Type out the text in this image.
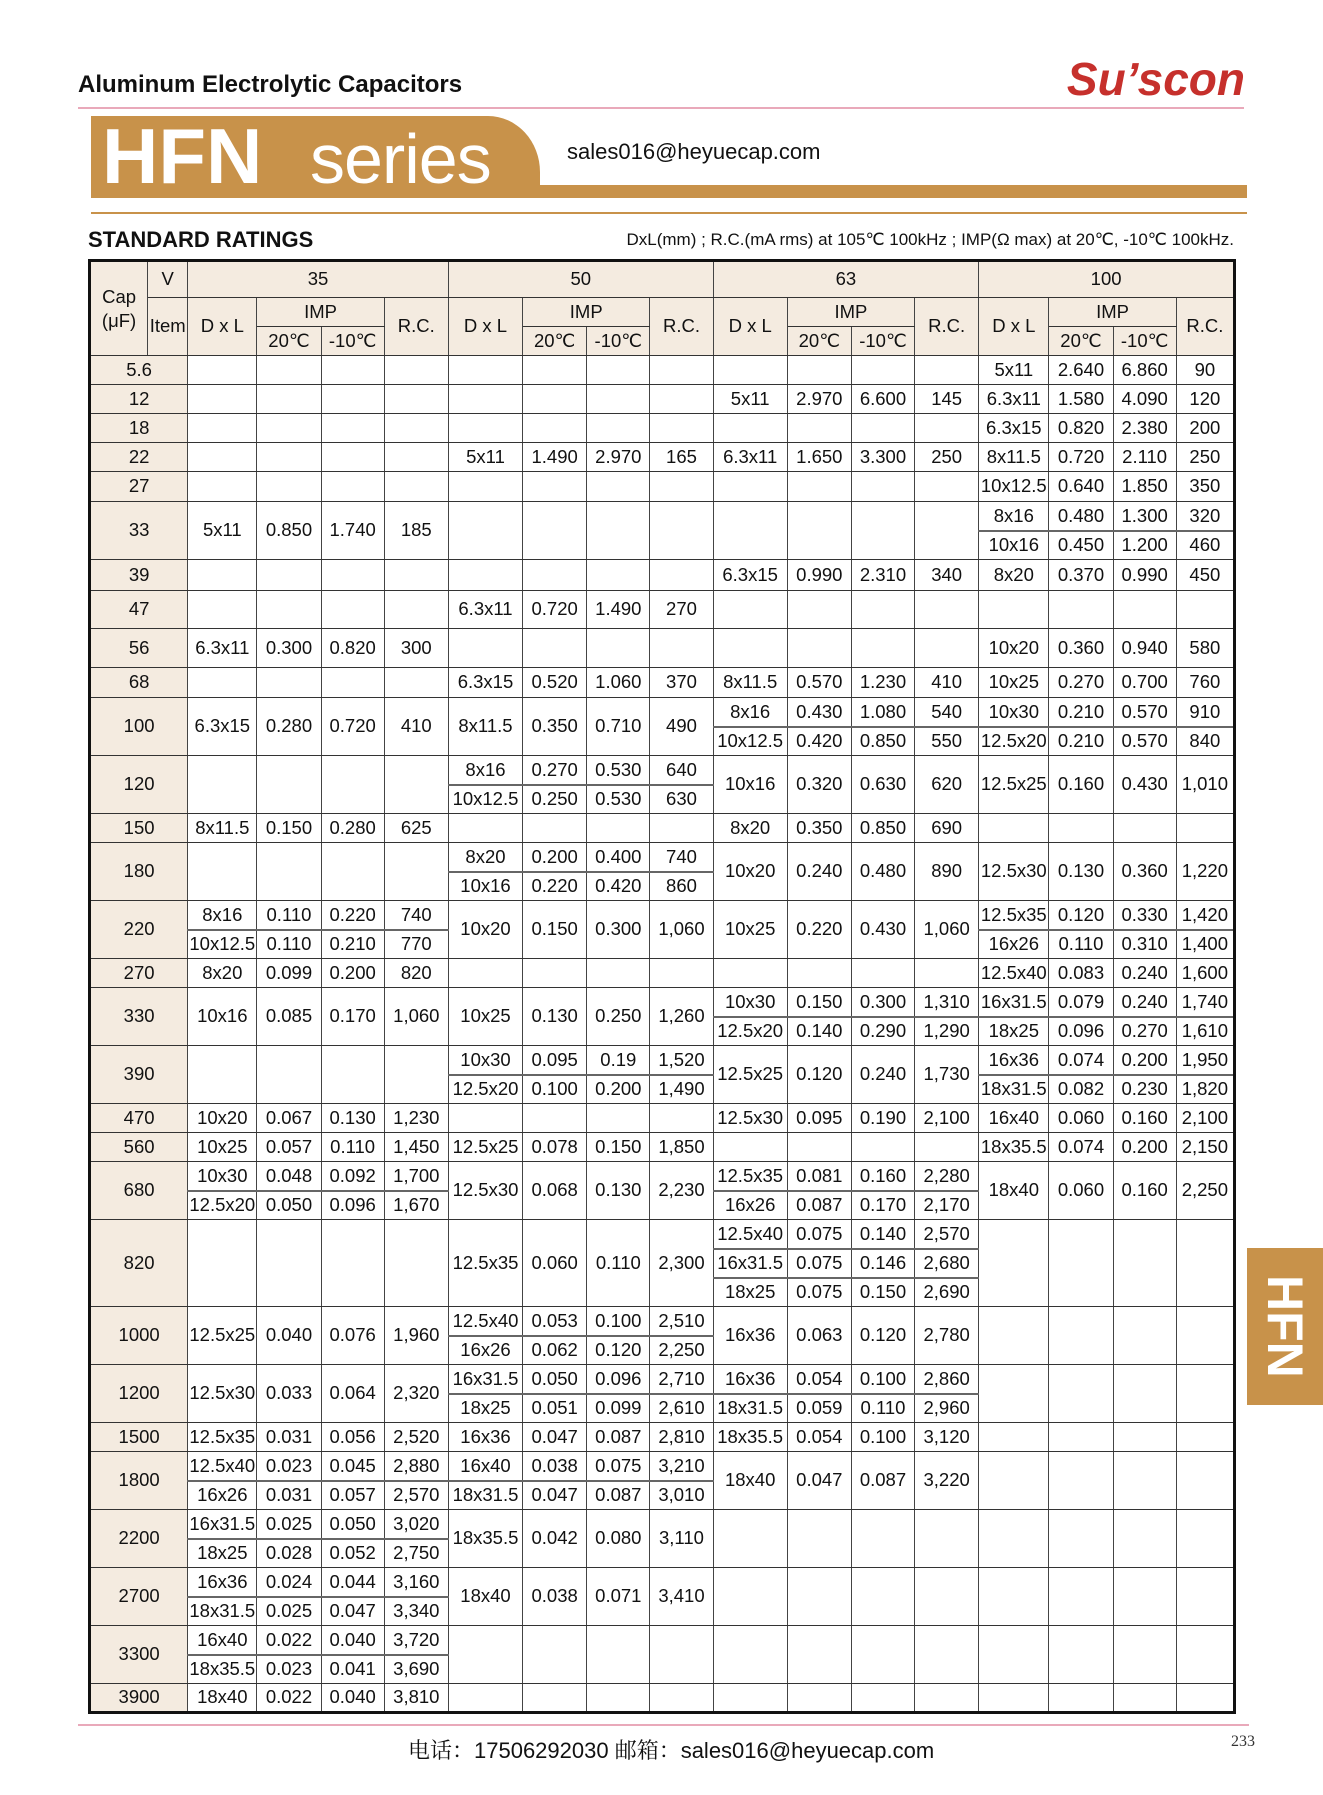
Aluminum Electrolytic Capacitors	Su’scon
HFN series	sales016@heyuecap.com
STANDARD RATINGS	DxL(mm) ; R.C.(mA rms) at 105℃ 100kHz ; IMP(Ω max) at 20℃, -10℃ 100kHz.
Cap
(μF)	V	35				50				63				100			
	Item	D x L	IMP		R.C.	D x L	IMP		R.C.	D x L	IMP		R.C.	D x L	IMP		R.C.
			20℃	-10℃			20℃	-10℃			20℃	-10℃			20℃	-10℃	
5.6														5x11	2.640	6.860	90
12										5x11	2.970	6.600	145	6.3x11	1.580	4.090	120
18														6.3x15	0.820	2.380	200
22						5x11	1.490	2.970	165	6.3x11	1.650	3.300	250	8x11.5	0.720	2.110	250
27														10x12.5	0.640	1.850	350
33		5x11	0.850	1.740	185									8x16	0.480	1.300	320
														10x16	0.450	1.200	460
39										6.3x15	0.990	2.310	340	8x20	0.370	0.990	450
47						6.3x11	0.720	1.490	270								
56		6.3x11	0.300	0.820	300									10x20	0.360	0.940	580
68						6.3x15	0.520	1.060	370	8x11.5	0.570	1.230	410	10x25	0.270	0.700	760
100		6.3x15	0.280	0.720	410	8x11.5	0.350	0.710	490	8x16	0.430	1.080	540	10x30	0.210	0.570	910
										10x12.5	0.420	0.850	550	12.5x20	0.210	0.570	840
120						8x16	0.270	0.530	640	10x16	0.320	0.630	620	12.5x25	0.160	0.430	1,010
						10x12.5	0.250	0.530	630								
150		8x11.5	0.150	0.280	625					8x20	0.350	0.850	690				
180						8x20	0.200	0.400	740	10x20	0.240	0.480	890	12.5x30	0.130	0.360	1,220
						10x16	0.220	0.420	860								
220		8x16	0.110	0.220	740	10x20	0.150	0.300	1,060	10x25	0.220	0.430	1,060	12.5x35	0.120	0.330	1,420
		10x12.5	0.110	0.210	770									16x26	0.110	0.310	1,400
270		8x20	0.099	0.200	820									12.5x40	0.083	0.240	1,600
330		10x16	0.085	0.170	1,060	10x25	0.130	0.250	1,260	10x30	0.150	0.300	1,310	16x31.5	0.079	0.240	1,740
										12.5x20	0.140	0.290	1,290	18x25	0.096	0.270	1,610
390						10x30	0.095	0.19	1,520	12.5x25	0.120	0.240	1,730	16x36	0.074	0.200	1,950
						12.5x20	0.100	0.200	1,490					18x31.5	0.082	0.230	1,820
470		10x20	0.067	0.130	1,230					12.5x30	0.095	0.190	2,100	16x40	0.060	0.160	2,100
560		10x25	0.057	0.110	1,450	12.5x25	0.078	0.150	1,850					18x35.5	0.074	0.200	2,150
680		10x30	0.048	0.092	1,700	12.5x30	0.068	0.130	2,230	12.5x35	0.081	0.160	2,280	18x40	0.060	0.160	2,250
		12.5x20	0.050	0.096	1,670					16x26	0.087	0.170	2,170				
820						12.5x35	0.060	0.110	2,300	12.5x40	0.075	0.140	2,570				
										16x31.5	0.075	0.146	2,680				
										18x25	0.075	0.150	2,690				
1000		12.5x25	0.040	0.076	1,960	12.5x40	0.053	0.100	2,510	16x36	0.063	0.120	2,780				
						16x26	0.062	0.120	2,250								
1200		12.5x30	0.033	0.064	2,320	16x31.5	0.050	0.096	2,710	16x36	0.054	0.100	2,860				
						18x25	0.051	0.099	2,610	18x31.5	0.059	0.110	2,960				
1500		12.5x35	0.031	0.056	2,520	16x36	0.047	0.087	2,810	18x35.5	0.054	0.100	3,120				
1800		12.5x40	0.023	0.045	2,880	16x40	0.038	0.075	3,210	18x40	0.047	0.087	3,220				
		16x26	0.031	0.057	2,570	18x31.5	0.047	0.087	3,010								
2200		16x31.5	0.025	0.050	3,020	18x35.5	0.042	0.080	3,110								
		18x25	0.028	0.052	2,750												
2700		16x36	0.024	0.044	3,160	18x40	0.038	0.071	3,410								
		18x31.5	0.025	0.047	3,340												
3300		16x40	0.022	0.040	3,720												
		18x35.5	0.023	0.041	3,690												
3900		18x40	0.022	0.040	3,810												
HFN
电话：17506292030 邮箱：sales016@heyuecap.com	233
